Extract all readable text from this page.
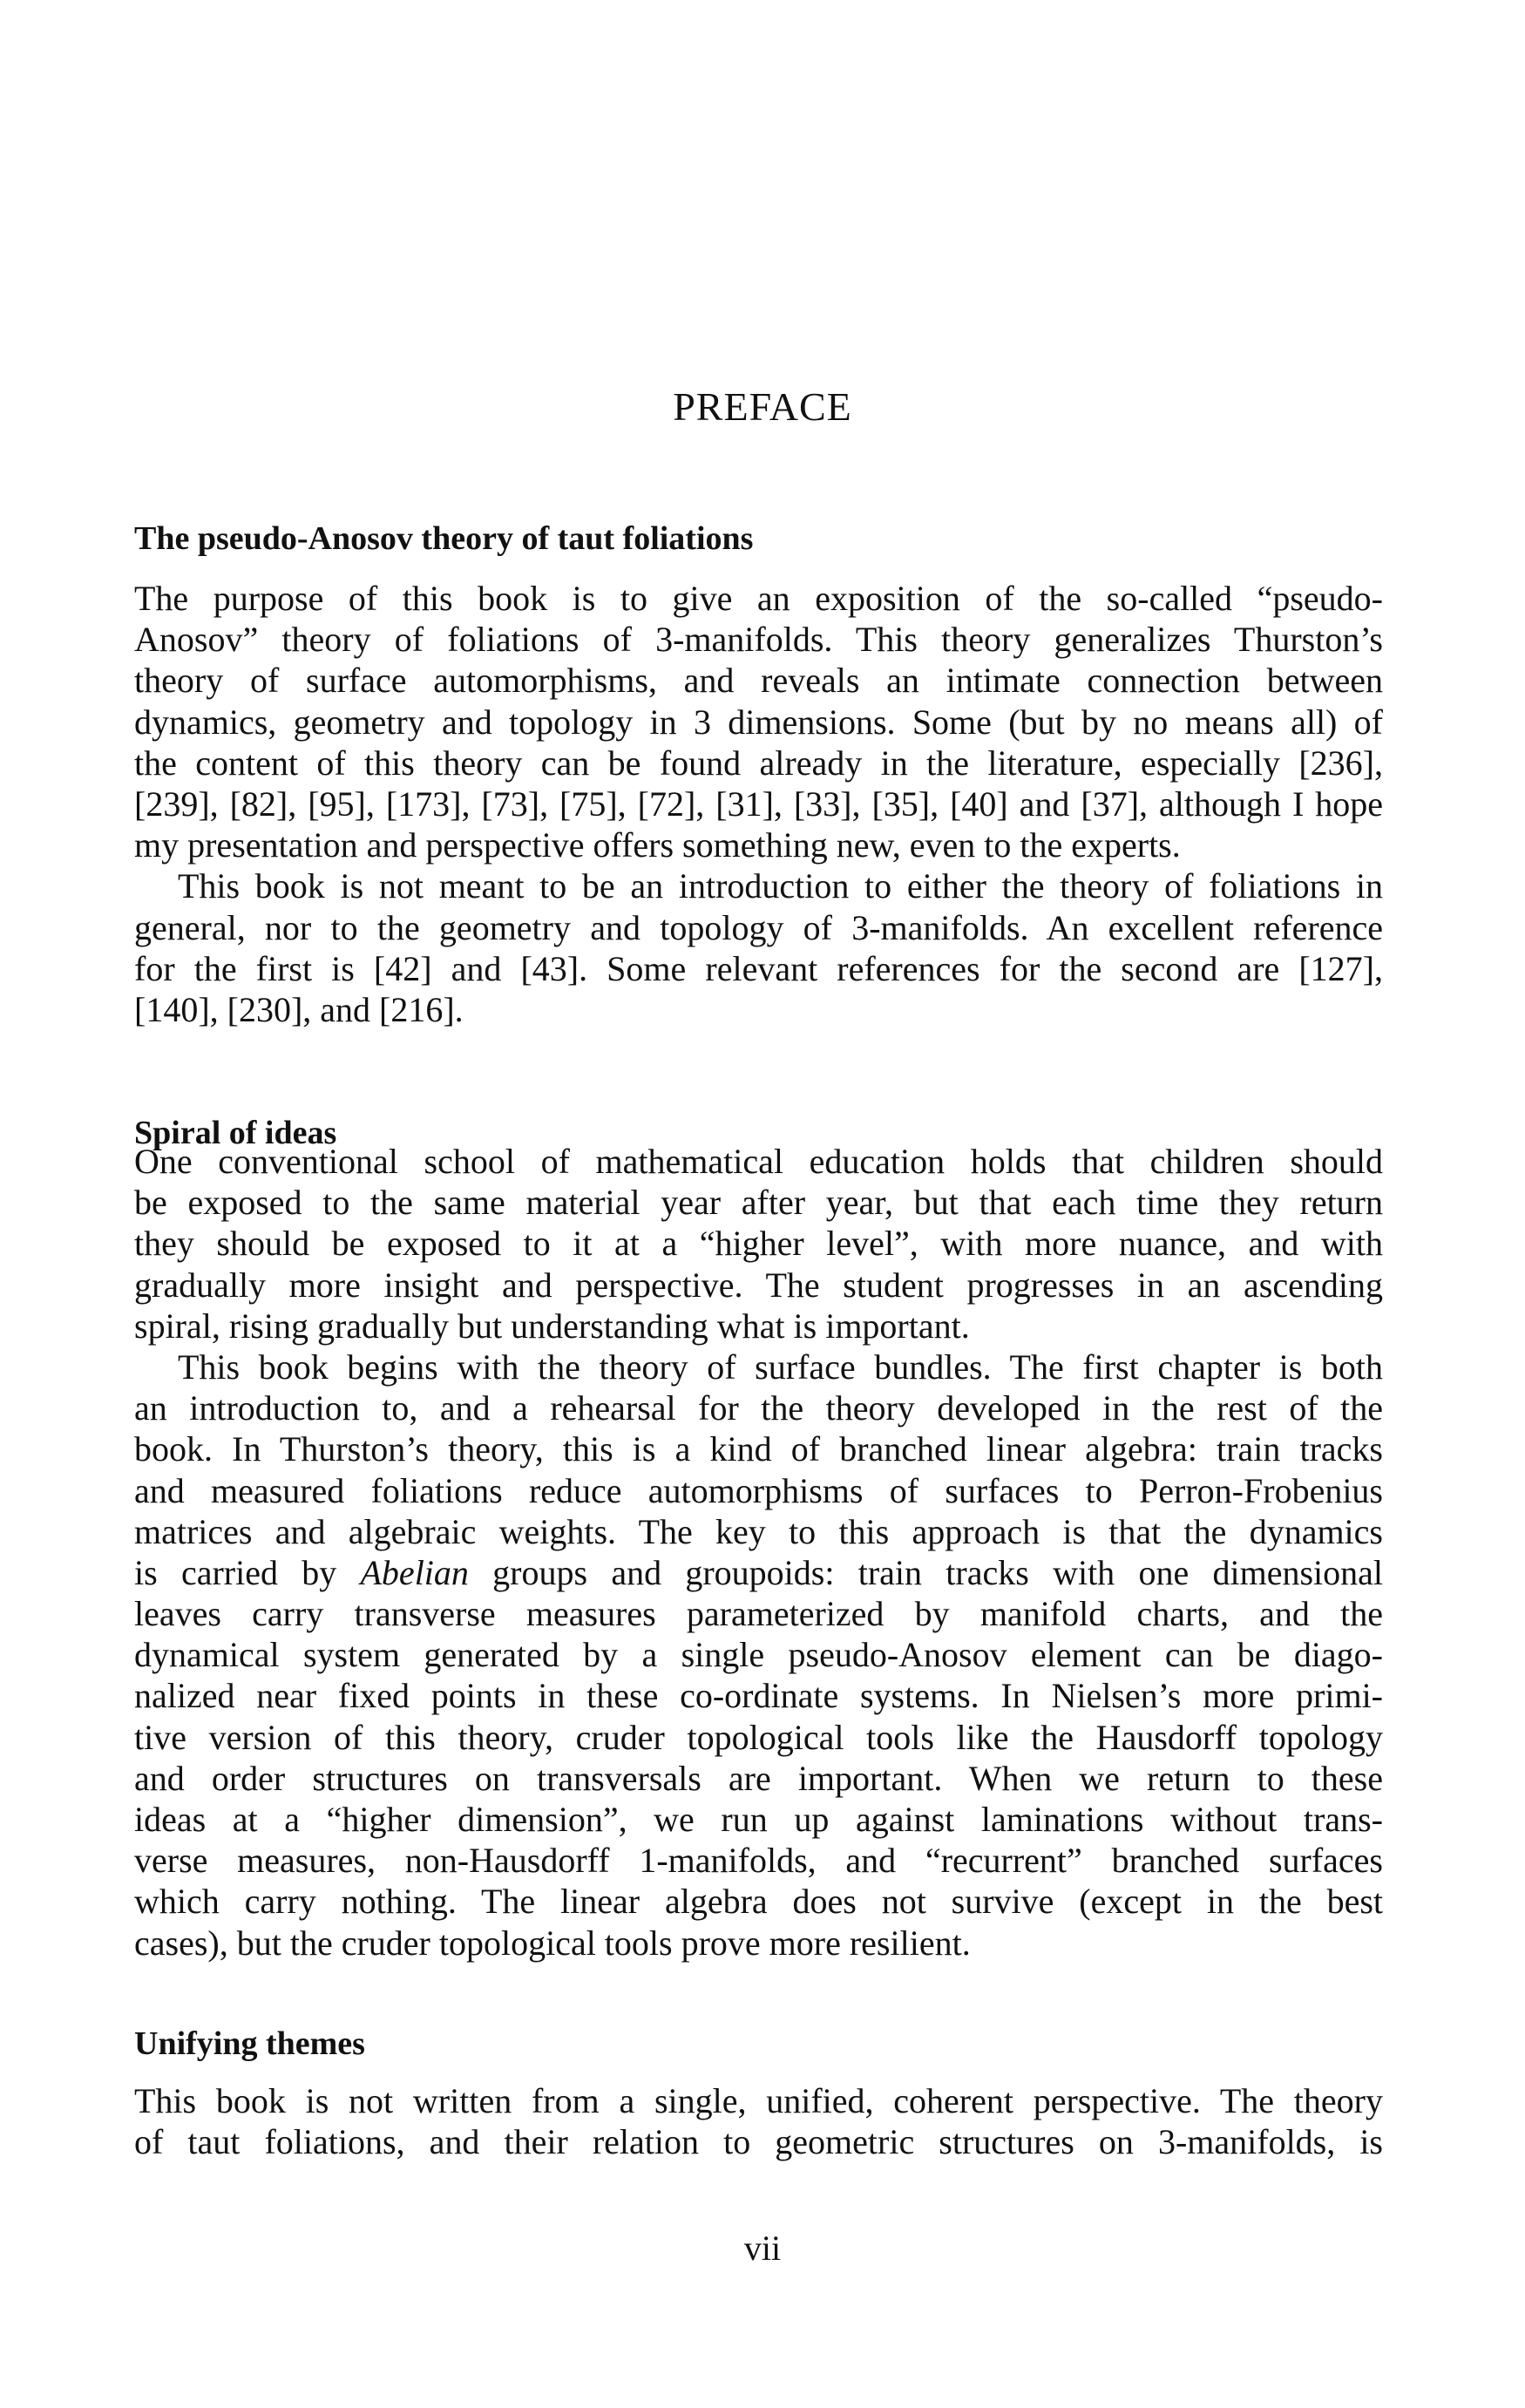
PREFACE
The pseudo-Anosov theory of taut foliations
The purpose of this book is to give an exposition of the so-called “pseudo-
Anosov” theory of foliations of 3-manifolds. This theory generalizes Thurston’s
theory of surface automorphisms, and reveals an intimate connection between
dynamics, geometry and topology in 3 dimensions. Some (but by no means all) of
the content of this theory can be found already in the literature, especially [236],
[239], [82], [95], [173], [73], [75], [72], [31], [33], [35], [40] and [37], although I hope
my presentation and perspective offers something new, even to the experts.
This book is not meant to be an introduction to either the theory of foliations in
general, nor to the geometry and topology of 3-manifolds. An excellent reference
for the first is [42] and [43]. Some relevant references for the second are [127],
[140], [230], and [216].
Spiral of ideas
One conventional school of mathematical education holds that children should
be exposed to the same material year after year, but that each time they return
they should be exposed to it at a “higher level”, with more nuance, and with
gradually more insight and perspective. The student progresses in an ascending
spiral, rising gradually but understanding what is important.
This book begins with the theory of surface bundles. The first chapter is both
an introduction to, and a rehearsal for the theory developed in the rest of the
book. In Thurston’s theory, this is a kind of branched linear algebra: train tracks
and measured foliations reduce automorphisms of surfaces to Perron-Frobenius
matrices and algebraic weights. The key to this approach is that the dynamics
is carried by Abelian groups and groupoids: train tracks with one dimensional
leaves carry transverse measures parameterized by manifold charts, and the
dynamical system generated by a single pseudo-Anosov element can be diago-
nalized near fixed points in these co-ordinate systems. In Nielsen’s more primi-
tive version of this theory, cruder topological tools like the Hausdorff topology
and order structures on transversals are important. When we return to these
ideas at a “higher dimension”, we run up against laminations without trans-
verse measures, non-Hausdorff 1-manifolds, and “recurrent” branched surfaces
which carry nothing. The linear algebra does not survive (except in the best
cases), but the cruder topological tools prove more resilient.
Unifying themes
This book is not written from a single, unified, coherent perspective. The theory
of taut foliations, and their relation to geometric structures on 3-manifolds, is
vii
